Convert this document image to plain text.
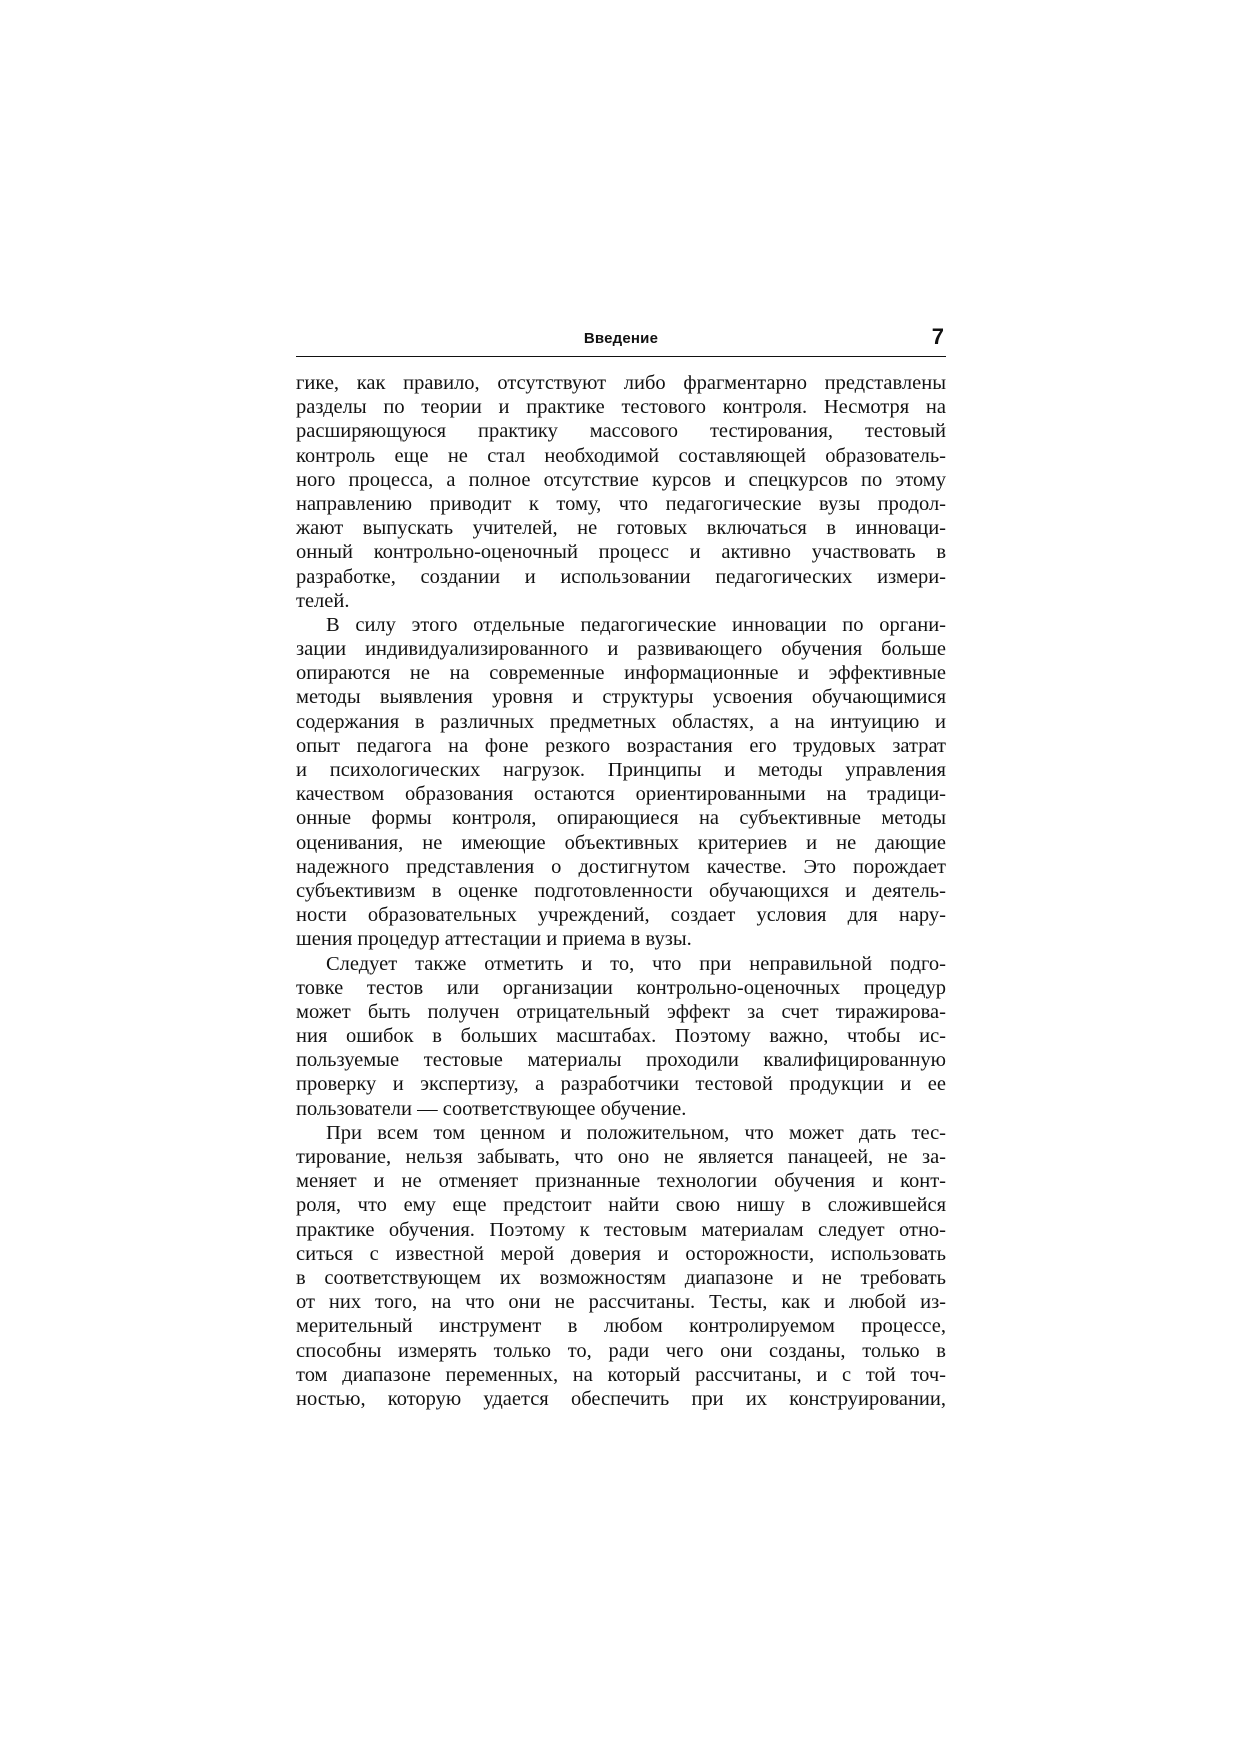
Введение	7

гике, как правило, отсутствуют либо фрагментарно представлены
разделы по теории и практике тестового контроля. Несмотря на
расширяющуюся практику массового тестирования, тестовый
контроль еще не стал необходимой составляющей образователь-
ного процесса, а полное отсутствие курсов и спецкурсов по этому
направлению приводит к тому, что педагогические вузы продол-
жают выпускать учителей, не готовых включаться в инноваци-
онный контрольно-оценочный процесс и активно участвовать в
разработке, создании и использовании педагогических измери-
телей.

В силу этого отдельные педагогические инновации по органи-
зации индивидуализированного и развивающего обучения больше
опираются не на современные информационные и эффективные
методы выявления уровня и структуры усвоения обучающимися
содержания в различных предметных областях, а на интуицию и
опыт педагога на фоне резкого возрастания его трудовых затрат
и психологических нагрузок. Принципы и методы управления
качеством образования остаются ориентированными на традици-
онные формы контроля, опирающиеся на субъективные методы
оценивания, не имеющие объективных критериев и не дающие
надежного представления о достигнутом качестве. Это порождает
субъективизм в оценке подготовленности обучающихся и деятель-
ности образовательных учреждений, создает условия для нару-
шения процедур аттестации и приема в вузы.

Следует также отметить и то, что при неправильной подго-
товке тестов или организации контрольно-оценочных процедур
может быть получен отрицательный эффект за счет тиражирова-
ния ошибок в больших масштабах. Поэтому важно, чтобы ис-
пользуемые тестовые материалы проходили квалифицированную
проверку и экспертизу, а разработчики тестовой продукции и ее
пользователи — соответствующее обучение.

При всем том ценном и положительном, что может дать тес-
тирование, нельзя забывать, что оно не является панацеей, не за-
меняет и не отменяет признанные технологии обучения и конт-
роля, что ему еще предстоит найти свою нишу в сложившейся
практике обучения. Поэтому к тестовым материалам следует отно-
ситься с известной мерой доверия и осторожности, использовать
в соответствующем их возможностям диапазоне и не требовать
от них того, на что они не рассчитаны. Тесты, как и любой из-
мерительный инструмент в любом контролируемом процессе,
способны измерять только то, ради чего они созданы, только в
том диапазоне переменных, на который рассчитаны, и с той точ-
ностью, которую удается обеспечить при их конструировании,
